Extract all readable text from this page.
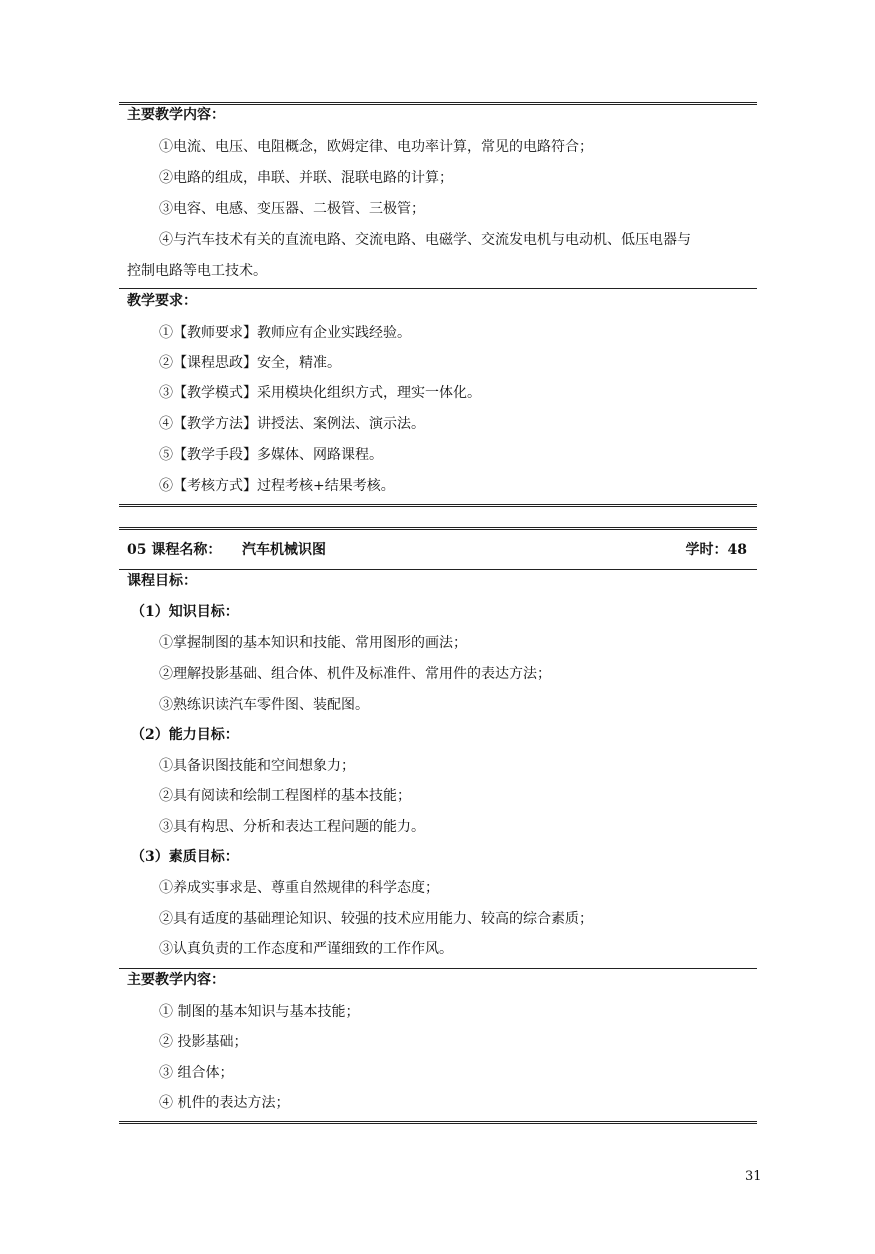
主要教学内容：
①电流、电压、电阻概念，欧姆定律、电功率计算，常见的电路符合；
②电路的组成，串联、并联、混联电路的计算；
③电容、电感、变压器、二极管、三极管；
④与汽车技术有关的直流电路、交流电路、电磁学、交流发电机与电动机、低压电器与
控制电路等电工技术。
教学要求：
①【教师要求】教师应有企业实践经验。
②【课程思政】安全，精准。
③【教学模式】采用模块化组织方式，理实一体化。
④【教学方法】讲授法、案例法、演示法。
⑤【教学手段】多媒体、网路课程。
⑥【考核方式】过程考核+结果考核。
05 课程名称： 汽车机械识图	学时：48
课程目标：
（1）知识目标：
①掌握制图的基本知识和技能、常用图形的画法；
②理解投影基础、组合体、机件及标准件、常用件的表达方法；
③熟练识读汽车零件图、装配图。
（2）能力目标：
①具备识图技能和空间想象力；
②具有阅读和绘制工程图样的基本技能；
③具有构思、分析和表达工程问题的能力。
（3）素质目标：
①养成实事求是、尊重自然规律的科学态度；
②具有适度的基础理论知识、较强的技术应用能力、较高的综合素质；
③认真负责的工作态度和严谨细致的工作作风。
主要教学内容：
① 制图的基本知识与基本技能；
② 投影基础；
③ 组合体；
④ 机件的表达方法；
31
